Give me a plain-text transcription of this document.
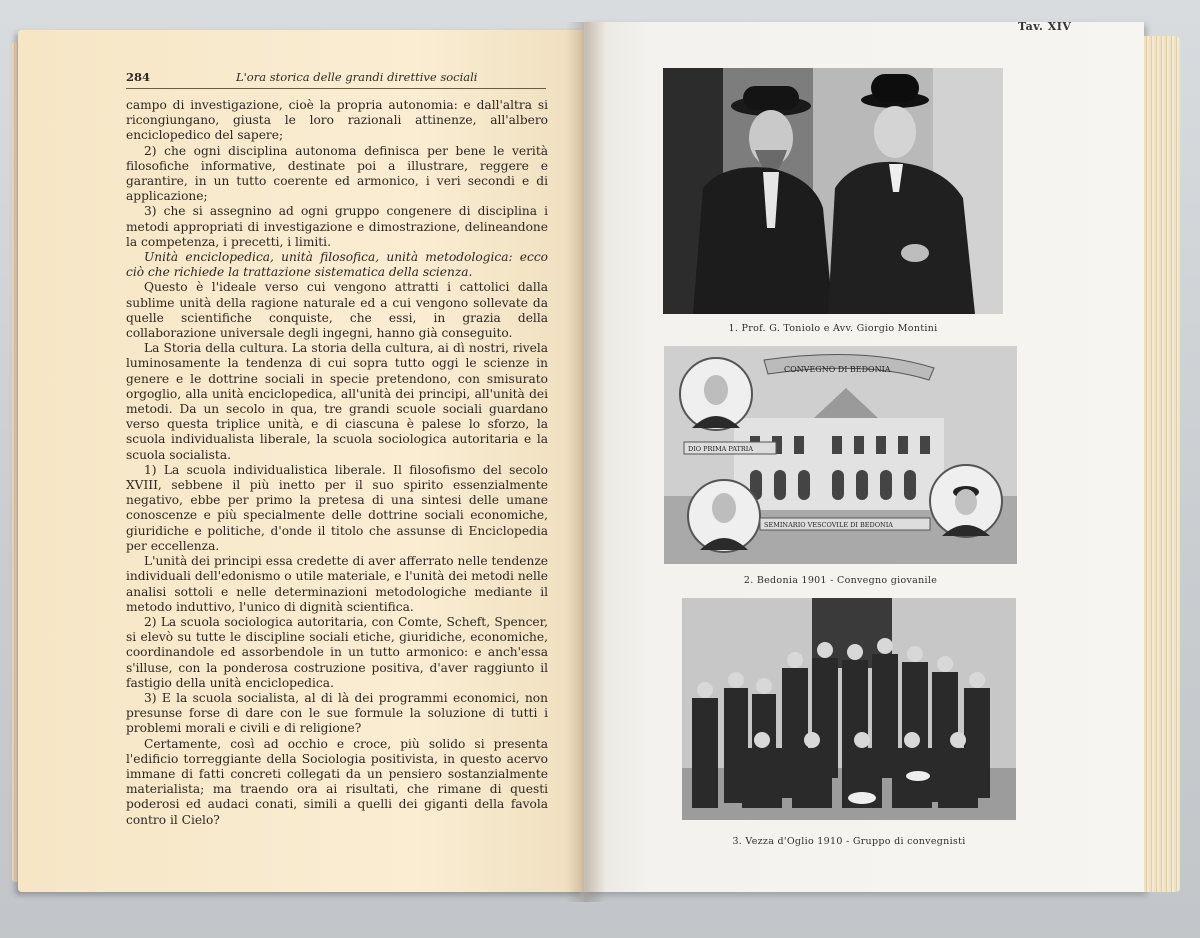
284	L'ora storica delle grandi direttive sociali

campo di investigazione, cioè la propria autonomia: e dall'altra si ricongiungano, giusta le loro razionali attinenze, all'albero enciclopedico del sapere;

2) che ogni disciplina autonoma definisca per bene le verità filosofiche informative, destinate poi a illustrare, reggere e garantire, in un tutto coerente ed armonico, i veri secondi e di applicazione;

3) che si assegnino ad ogni gruppo congenere di disciplina i metodi appropriati di investigazione e dimostrazione, delineandone la competenza, i precetti, i limiti.

Unità enciclopedica, unità filosofica, unità metodologica: ecco ciò che richiede la trattazione sistematica della scienza.

Questo è l'ideale verso cui vengono attratti i cattolici dalla sublime unità della ragione naturale ed a cui vengono sollevate da quelle scientifiche conquiste, che essi, in grazia della collaborazione universale degli ingegni, hanno già conseguito.

La Storia della cultura. La storia della cultura, ai dì nostri, rivela luminosamente la tendenza di cui sopra tutto oggi le scienze in genere e le dottrine sociali in specie pretendono, con smisurato orgoglio, alla unità enciclopedica, all'unità dei principi, all'unità dei metodi. Da un secolo in qua, tre grandi scuole sociali guardano verso questa triplice unità, e di ciascuna è palese lo sforzo, la scuola individualista liberale, la scuola sociologica autoritaria e la scuola socialista.

1) La scuola individualistica liberale. Il filosofismo del secolo XVIII, sebbene il più inetto per il suo spirito essenzialmente negativo, ebbe per primo la pretesa di una sintesi delle umane conoscenze e più specialmente delle dottrine sociali economiche, giuridiche e politiche, d'onde il titolo che assunse di Enciclopedia per eccellenza.

L'unità dei principi essa credette di aver afferrato nelle tendenze individuali dell'edonismo o utile materiale, e l'unità dei metodi nelle analisi sottoli e nelle determinazioni metodologiche mediante il metodo induttivo, l'unico di dignità scientifica.

2) La scuola sociologica autoritaria, con Comte, Scheft, Spencer, si elevò su tutte le discipline sociali etiche, giuridiche, economiche, coordinandole ed assorbendole in un tutto armonico: e anch'essa s'illuse, con la ponderosa costruzione positiva, d'aver raggiunto il fastigio della unità enciclopedica.

3) E la scuola socialista, al di là dei programmi economici, non presunse forse di dare con le sue formule la soluzione di tutti i problemi morali e civili e di religione?

Certamente, così ad occhio e croce, più solido si presenta l'edificio torreggiante della Sociologia positivista, in questo acervo immane di fatti concreti collegati da un pensiero sostanzialmente materialista; ma traendo ora ai risultati, che rimane di questi poderosi ed audaci conati, simili a quelli dei giganti della favola contro il Cielo?

Tav. XIV
1. Prof. G. Toniolo e Avv. Giorgio Montini
CONVEGNO DI BEDONIA
DIO PRIMA PATRIA
SEMINARIO VESCOVILE DI BEDONIA
2. Bedonia 1901 - Convegno giovanile
3. Vezza d'Oglio 1910 - Gruppo di convegnisti
